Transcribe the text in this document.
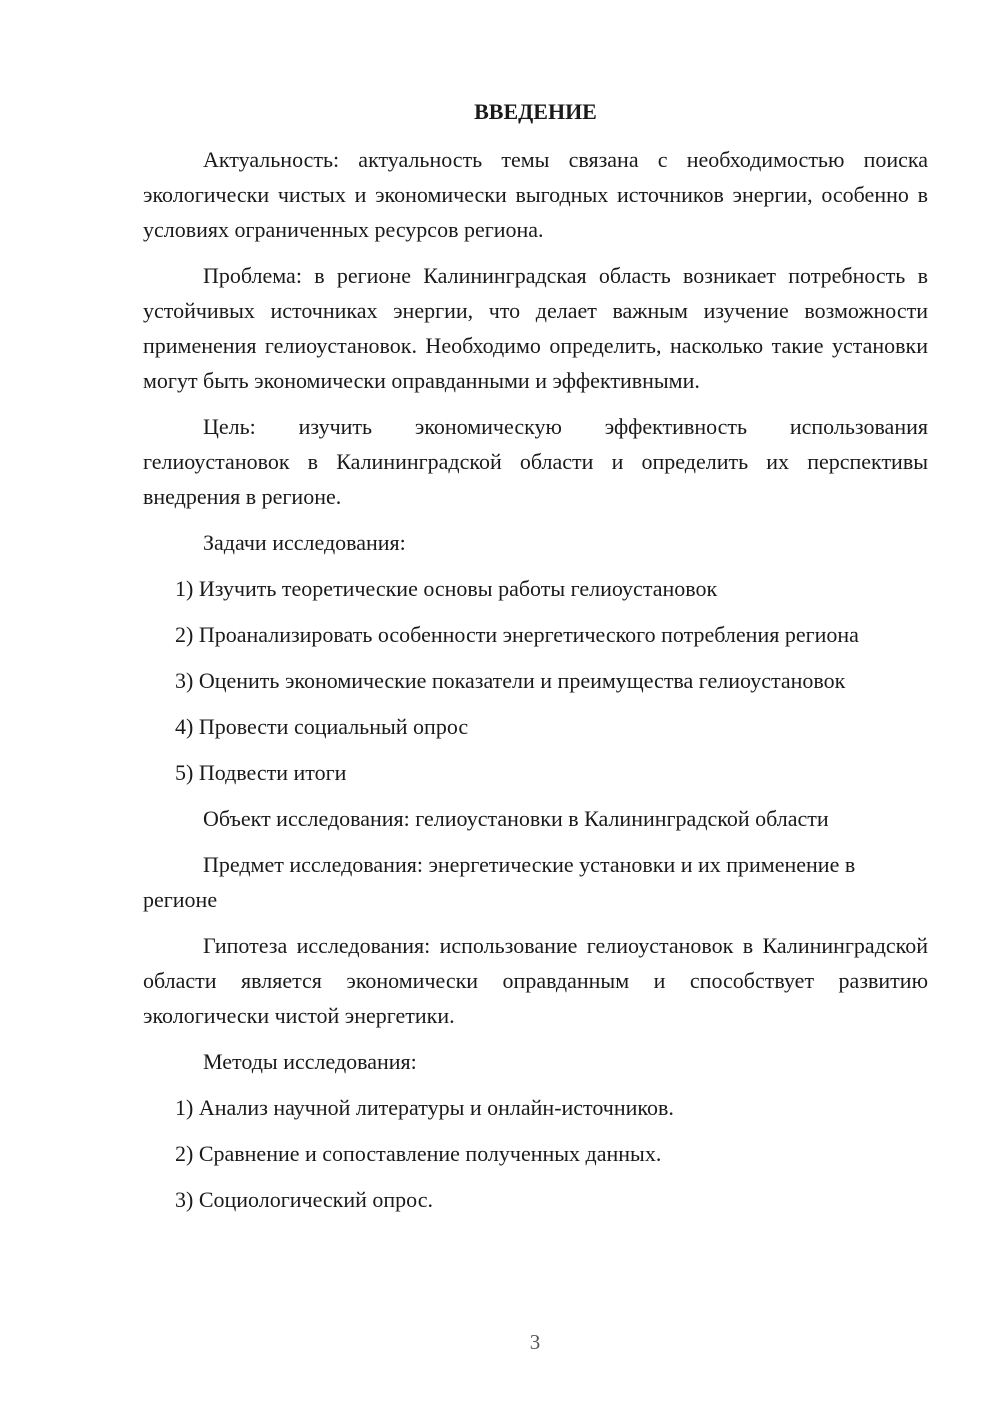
ВВЕДЕНИЕ

Актуальность: актуальность темы связана с необходимостью поиска экологически чистых и экономически выгодных источников энергии, особенно в условиях ограниченных ресурсов региона.

Проблема: в регионе Калининградская область возникает потребность в устойчивых источниках энергии, что делает важным изучение возможности применения гелиоустановок. Необходимо определить, насколько такие установки могут быть экономически оправданными и эффективными.

Цель: изучить экономическую эффективность использования гелиоустановок в Калининградской области и определить их перспективы внедрения в регионе.

Задачи исследования:

1) Изучить теоретические основы работы гелиоустановок

2) Проанализировать особенности энергетического потребления региона

3) Оценить экономические показатели и преимущества гелиоустановок

4) Провести социальный опрос

5) Подвести итоги

Объект исследования: гелиоустановки в Калининградской области

Предмет исследования: энергетические установки и их применение в регионе

Гипотеза исследования: использование гелиоустановок в Калининградской области является экономически оправданным и способствует развитию экологически чистой энергетики.

Методы исследования:

1) Анализ научной литературы и онлайн-источников.

2) Сравнение и сопоставление полученных данных.

3) Социологический опрос.

3
